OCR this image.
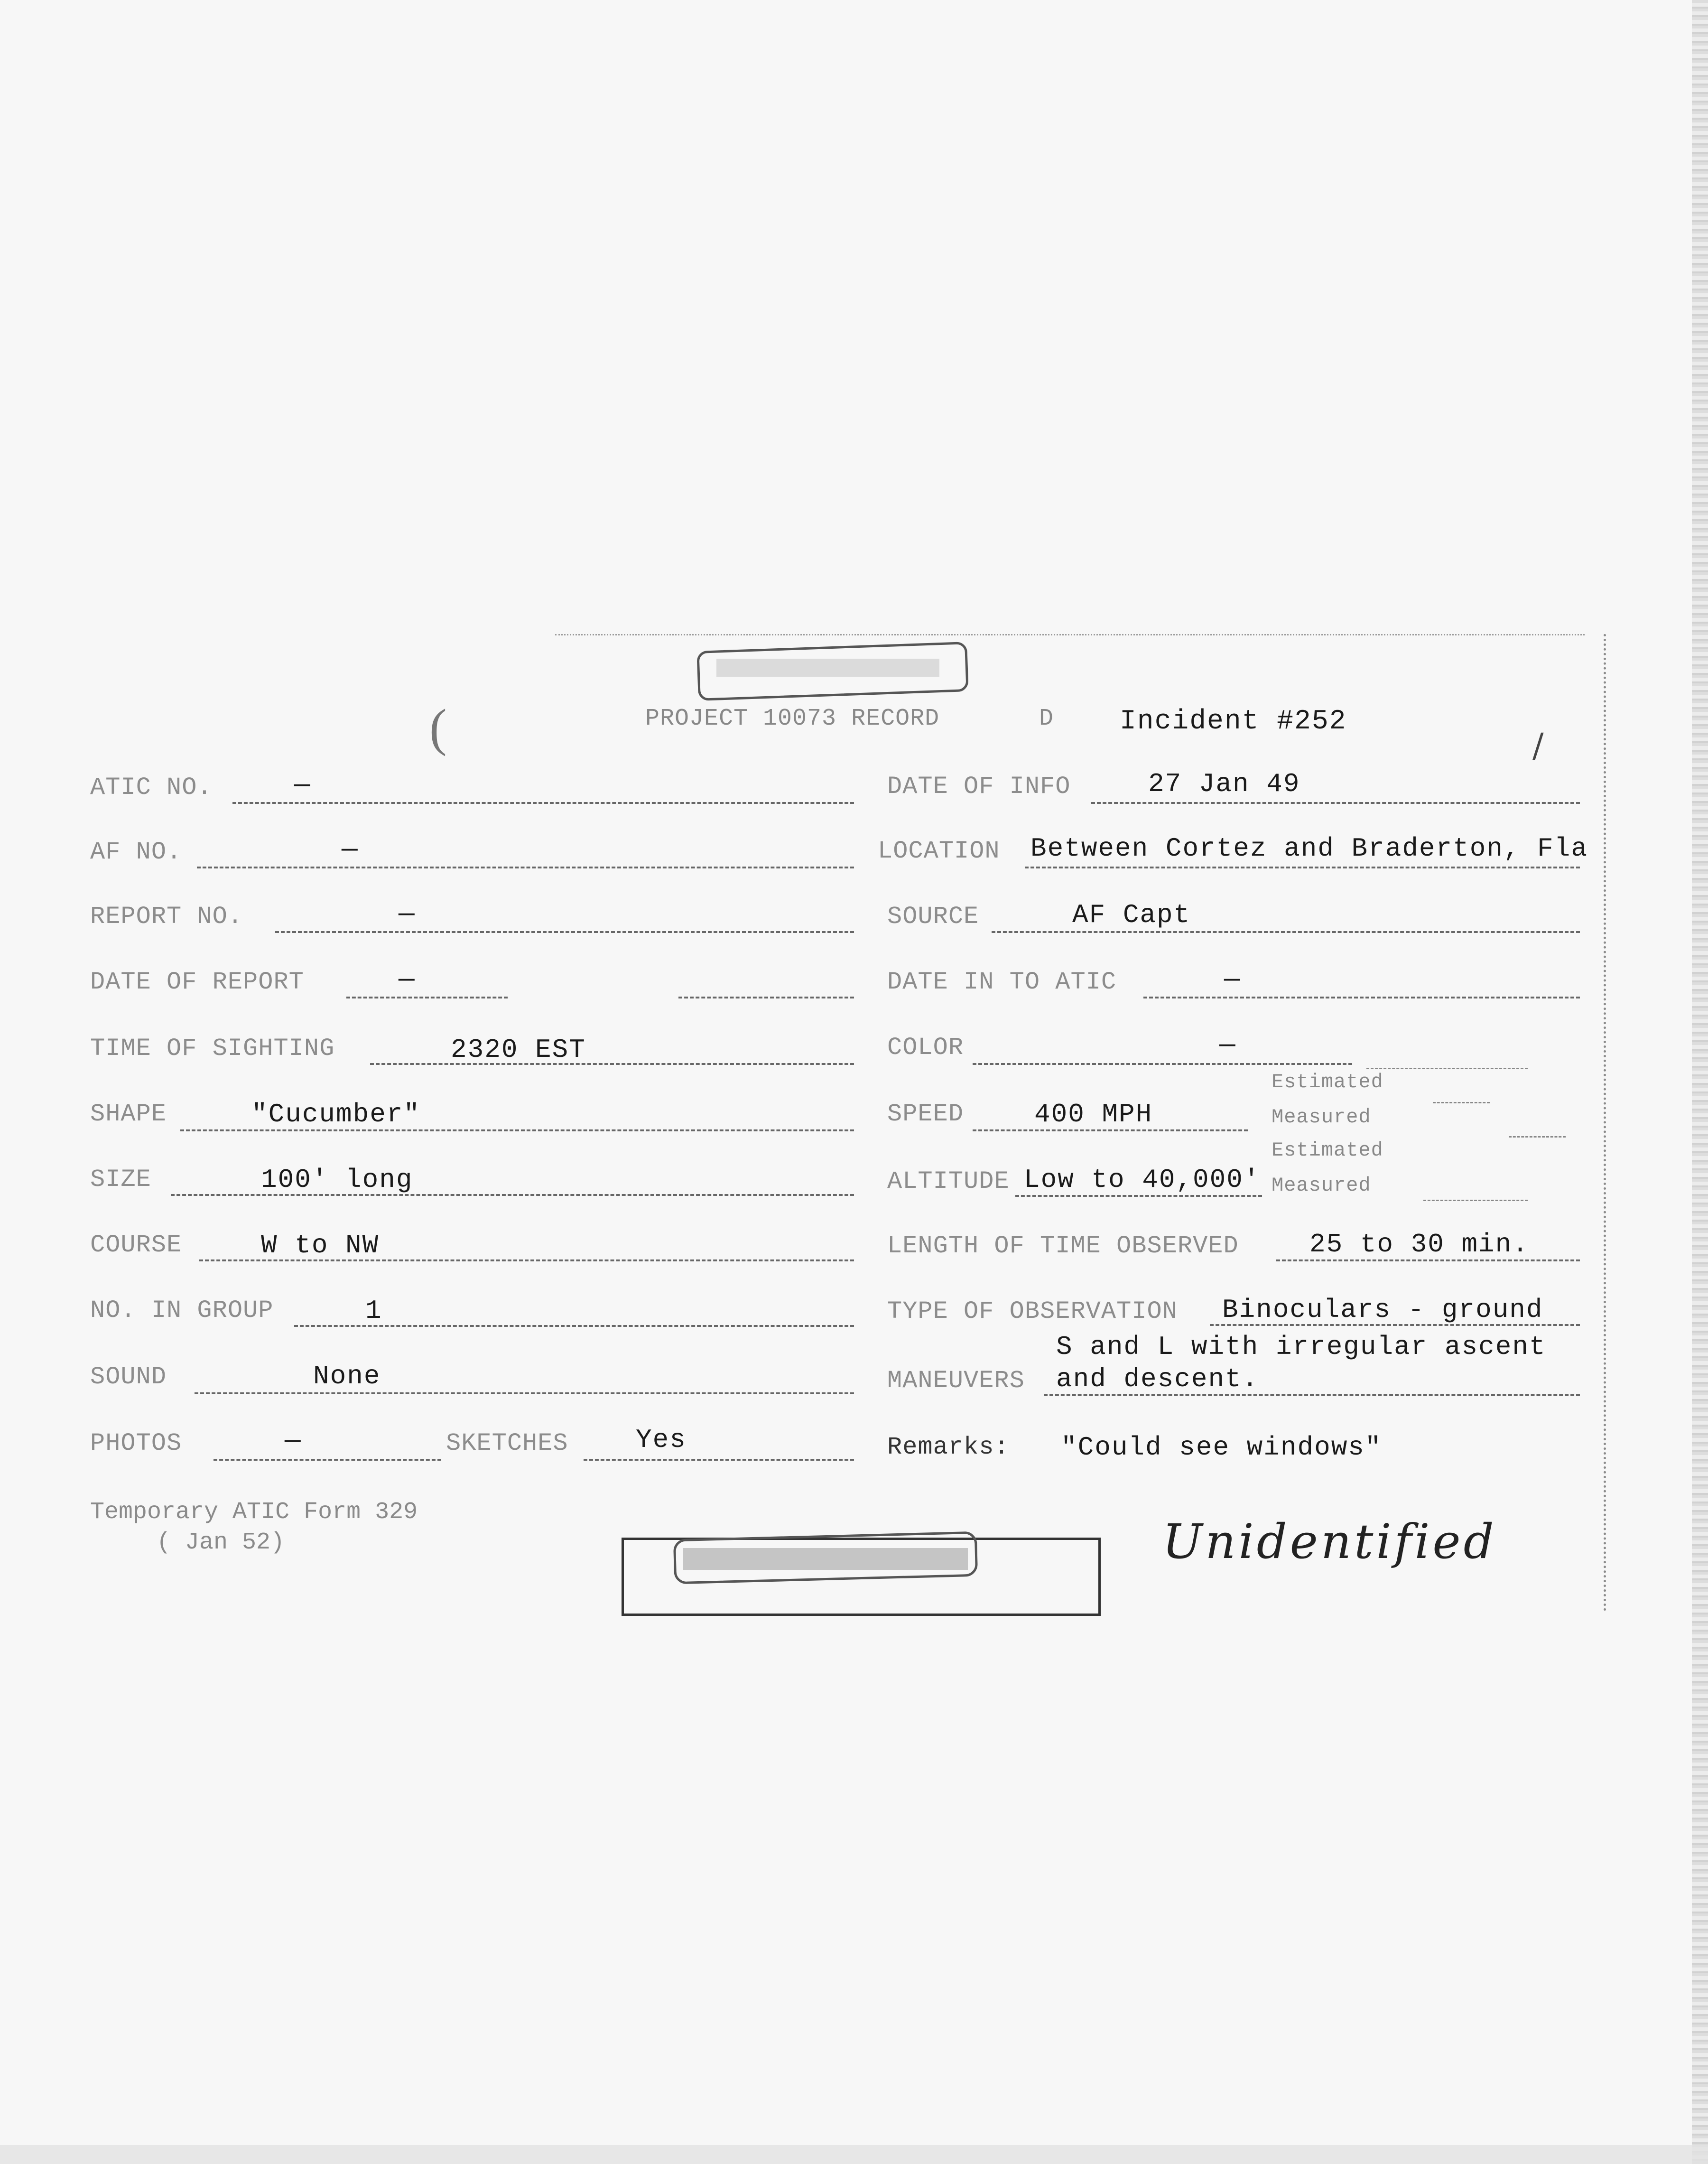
(	PROJECT 10073 RECORD	D Incident #252
/
ATIC NO.	—
AF NO.	—
REPORT NO.	—
DATE OF REPORT	—
TIME OF SIGHTING	2320 EST
SHAPE	"Cucumber"
SIZE	100' long
COURSE	W to NW
NO. IN GROUP	1
SOUND	None
PHOTOS	—	SKETCHES	Yes
DATE OF INFO	27 Jan 49
LOCATION Between Cortez and Braderton, Fla
SOURCE	AF Capt
DATE IN TO ATIC	—
COLOR	—
Estimated
SPEED	400 MPH	Measured
Estimated
ALTITUDE Low to 40,000' Measured
LENGTH OF TIME OBSERVED	25 to 30 min.
TYPE OF OBSERVATION Binoculars - ground
S and L with irregular ascent
MANEUVERS and descent.
Remarks: "Could see windows"
Temporary ATIC Form 329
( Jan 52)	Unidentified
